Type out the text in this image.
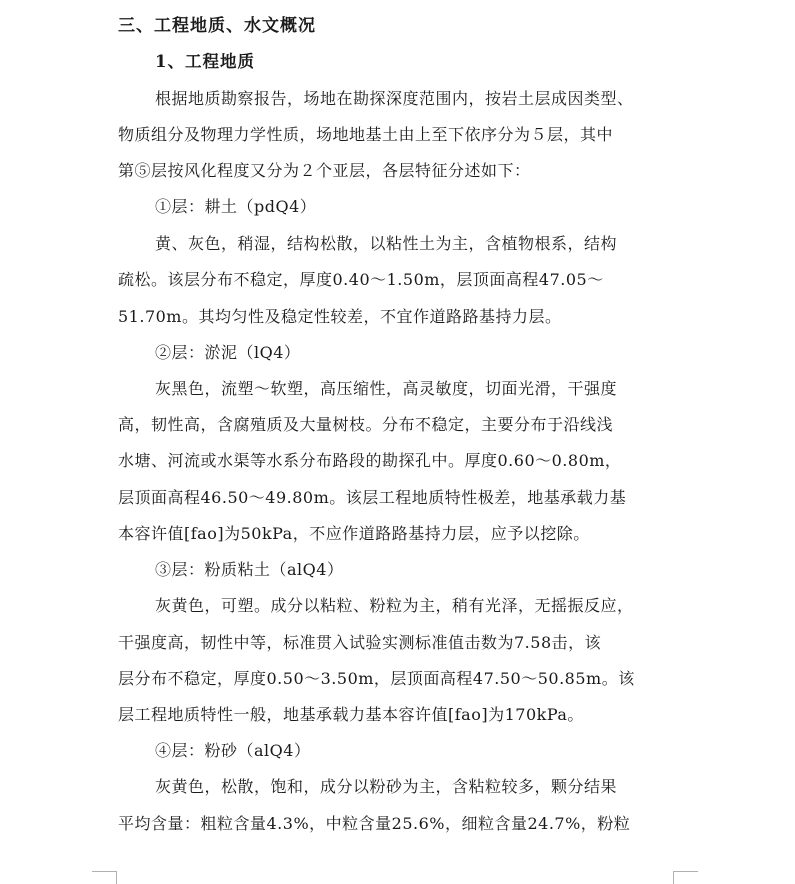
三、工程地质、水文概况
1、工程地质
根据地质勘察报告，场地在勘探深度范围内，按岩土层成因类型、
物质组分及物理力学性质，场地地基土由上至下依序分为５层，其中
第⑤层按风化程度又分为２个亚层，各层特征分述如下：
①层：耕土（pdQ4）
黄、灰色，稍湿，结构松散，以粘性土为主，含植物根系，结构
疏松。该层分布不稳定，厚度0.40～1.50m，层顶面高程47.05～
51.70m。其均匀性及稳定性较差，不宜作道路路基持力层。
②层：淤泥（lQ4）
灰黑色，流塑～软塑，高压缩性，高灵敏度，切面光滑，干强度
高，韧性高，含腐殖质及大量树枝。分布不稳定，主要分布于沿线浅
水塘、河流或水渠等水系分布路段的勘探孔中。厚度0.60～0.80m，
层顶面高程46.50～49.80m。该层工程地质特性极差，地基承载力基
本容许值[fao]为50kPa，不应作道路路基持力层，应予以挖除。
③层：粉质粘土（alQ4）
灰黄色，可塑。成分以粘粒、粉粒为主，稍有光泽，无摇振反应，
干强度高，韧性中等，标准贯入试验实测标准值击数为7.58击，该
层分布不稳定，厚度0.50～3.50m，层顶面高程47.50～50.85m。该
层工程地质特性一般，地基承载力基本容许值[fao]为170kPa。
④层：粉砂（alQ4）
灰黄色，松散，饱和，成分以粉砂为主，含粘粒较多，颗分结果
平均含量：粗粒含量4.3%，中粒含量25.6%，细粒含量24.7%，粉粒
